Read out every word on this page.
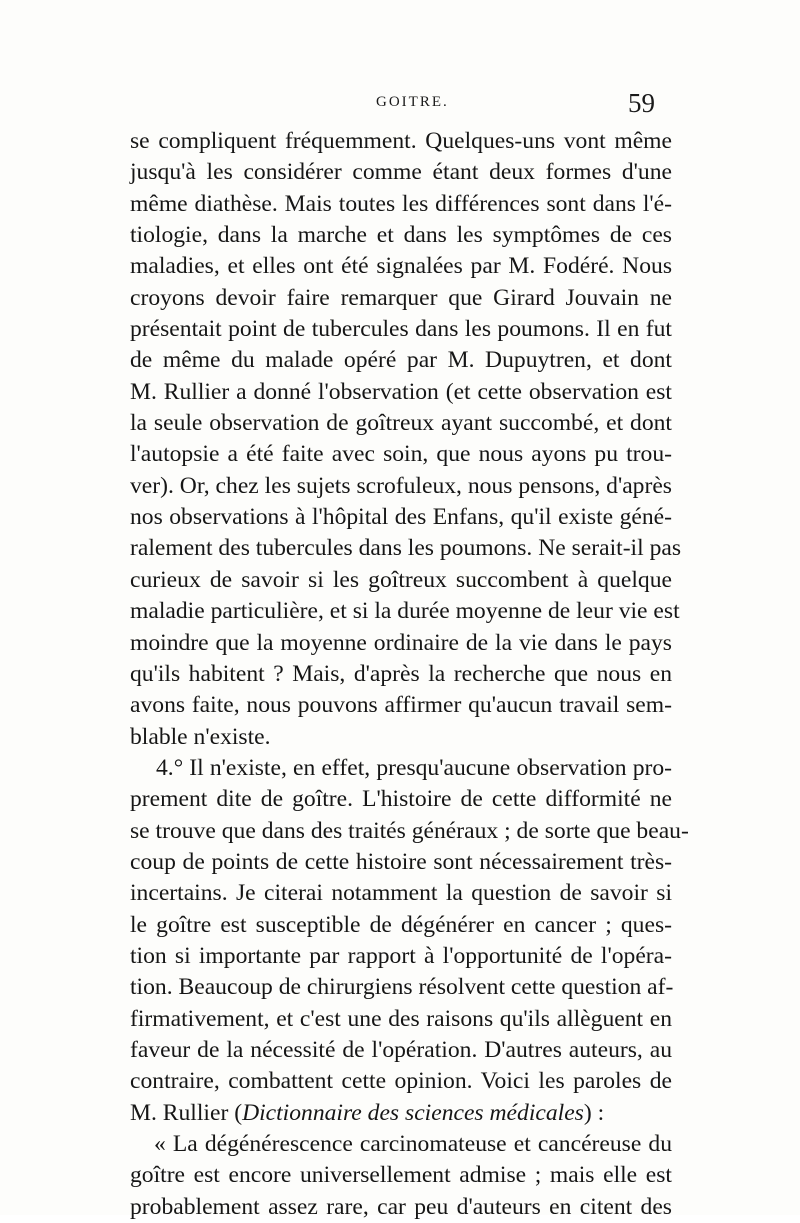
GOITRE.	59
se compliquent fréquemment. Quelques-uns vont même
jusqu'à les considérer comme étant deux formes d'une
même diathèse. Mais toutes les différences sont dans l'é-
tiologie, dans la marche et dans les symptômes de ces
maladies, et elles ont été signalées par M. Fodéré. Nous
croyons devoir faire remarquer que Girard Jouvain ne
présentait point de tubercules dans les poumons. Il en fut
de même du malade opéré par M. Dupuytren, et dont
M. Rullier a donné l'observation (et cette observation est
la seule observation de goîtreux ayant succombé, et dont
l'autopsie a été faite avec soin, que nous ayons pu trou-
ver). Or, chez les sujets scrofuleux, nous pensons, d'après
nos observations à l'hôpital des Enfans, qu'il existe géné-
ralement des tubercules dans les poumons. Ne serait-il pas
curieux de savoir si les goîtreux succombent à quelque
maladie particulière, et si la durée moyenne de leur vie est
moindre que la moyenne ordinaire de la vie dans le pays
qu'ils habitent ? Mais, d'après la recherche que nous en
avons faite, nous pouvons affirmer qu'aucun travail sem-
blable n'existe.
4.° Il n'existe, en effet, presqu'aucune observation pro-
prement dite de goître. L'histoire de cette difformité ne
se trouve que dans des traités généraux ; de sorte que beau-
coup de points de cette histoire sont nécessairement très-
incertains. Je citerai notamment la question de savoir si
le goître est susceptible de dégénérer en cancer ; ques-
tion si importante par rapport à l'opportunité de l'opéra-
tion. Beaucoup de chirurgiens résolvent cette question af-
firmativement, et c'est une des raisons qu'ils allèguent en
faveur de la nécessité de l'opération. D'autres auteurs, au
contraire, combattent cette opinion. Voici les paroles de
M. Rullier (Dictionnaire des sciences médicales) :
« La dégénérescence carcinomateuse et cancéreuse du
goître est encore universellement admise ; mais elle est
probablement assez rare, car peu d'auteurs en citent des
